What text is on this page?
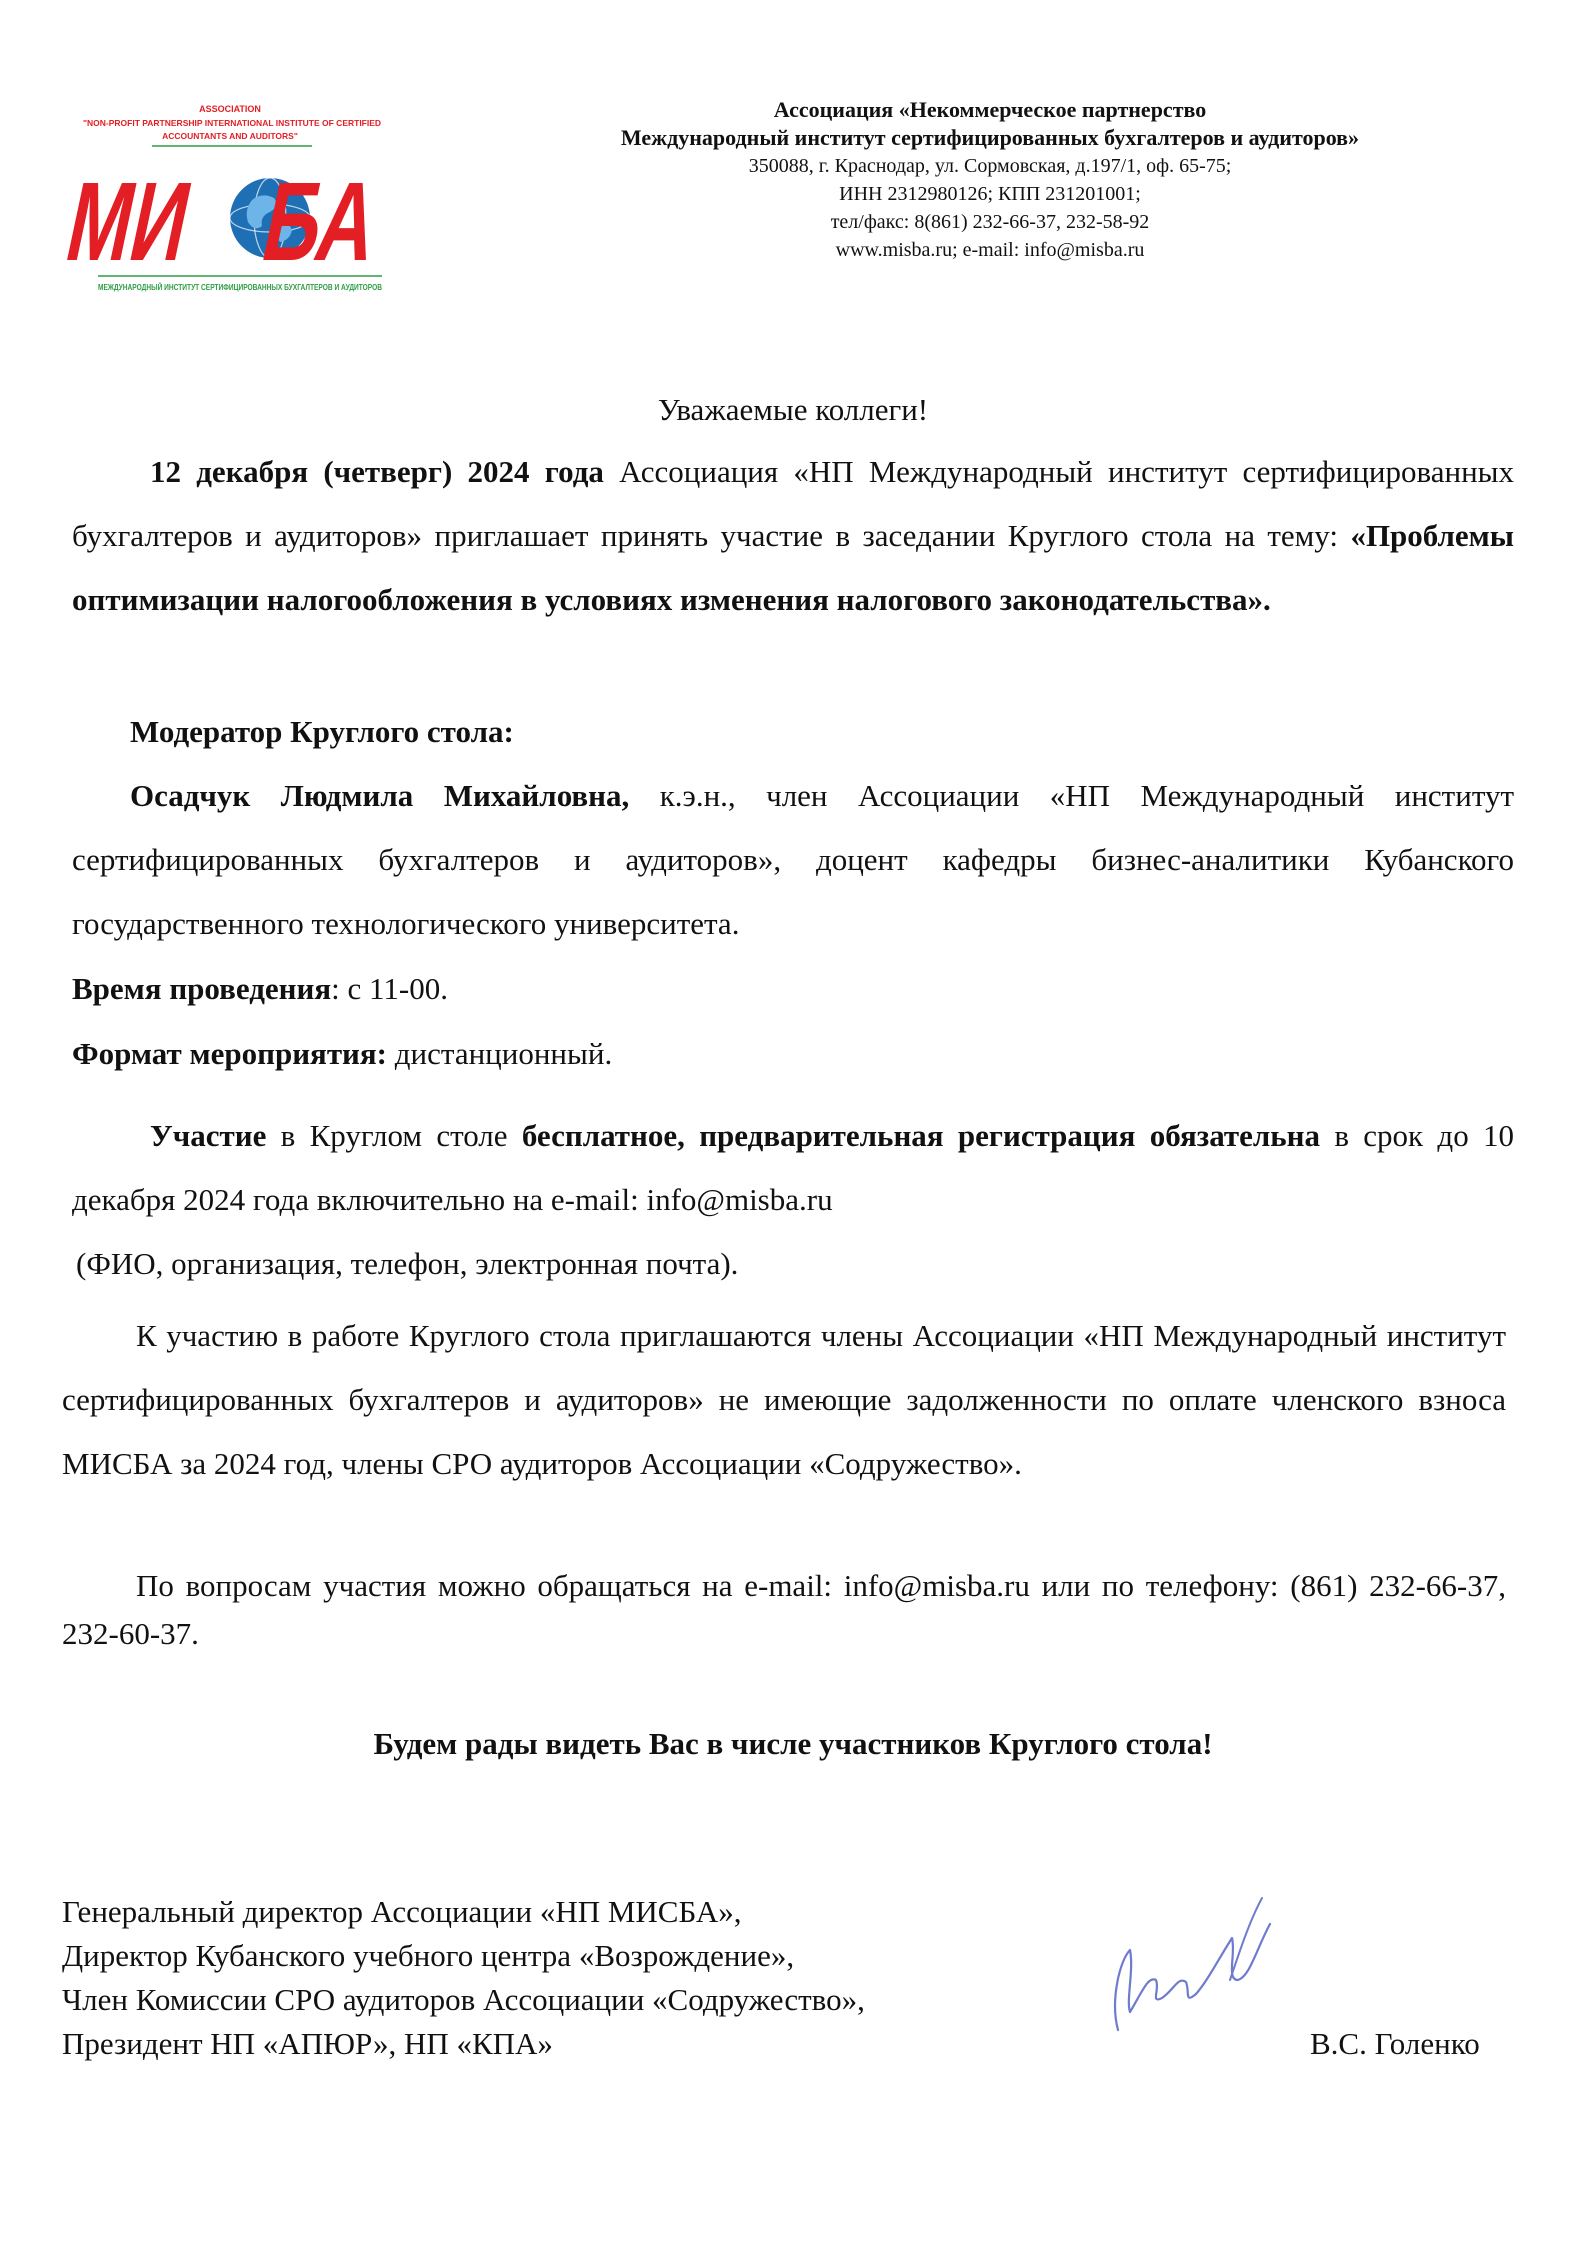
ASSOCIATION
"NON-PROFIT PARTNERSHIP INTERNATIONAL INSTITUTE OF CERTIFIED
ACCOUNTANTS AND AUDITORS"
МИ
БА
МЕЖДУНАРОДНЫЙ ИНСТИТУТ СЕРТИФИЦИРОВАННЫХ БУХГАЛТЕРОВ И АУДИТОРОВ
Ассоциация «Некоммерческое партнерство
Международный институт сертифицированных бухгалтеров и аудиторов»
350088, г. Краснодар, ул. Сормовская, д.197/1, оф. 65-75;
ИНН 2312980126; КПП 231201001;
тел/факс: 8(861) 232-66-37, 232-58-92
www.misba.ru; e-mail: info@misba.ru
Уважаемые коллеги!
12 декабря (четверг) 2024 года Ассоциация «НП Международный институт сертифицированных бухгалтеров и аудиторов» приглашает принять участие в заседании Круглого стола на тему: «Проблемы оптимизации налогообложения в условиях изменения налогового законодательства».
Модератор Круглого стола:
Осадчук Людмила Михайловна, к.э.н., член Ассоциации «НП Международный институт сертифицированных бухгалтеров и аудиторов», доцент кафедры бизнес-аналитики Кубанского государственного технологического университета.
Время проведения: с 11-00.
Формат мероприятия: дистанционный.
Участие в Круглом столе бесплатное, предварительная регистрация обязательна в срок до 10 декабря 2024 года включительно на e-mail: info@misba.ru
(ФИО, организация, телефон, электронная почта).
К участию в работе Круглого стола приглашаются члены Ассоциации «НП Международный институт сертифицированных бухгалтеров и аудиторов» не имеющие задолженности по оплате членского взноса МИСБА за 2024 год, члены СРО аудиторов Ассоциации «Содружество».
По вопросам участия можно обращаться на e-mail: info@misba.ru или по телефону: (861) 232-66-37, 232-60-37.
Будем рады видеть Вас в числе участников Круглого стола!
Генеральный директор Ассоциации «НП МИСБА»,
Директор Кубанского учебного центра «Возрождение»,
Член Комиссии СРО аудиторов Ассоциации «Содружество»,
Президент НП «АПЮР», НП «КПА»	В.С. Голенко
